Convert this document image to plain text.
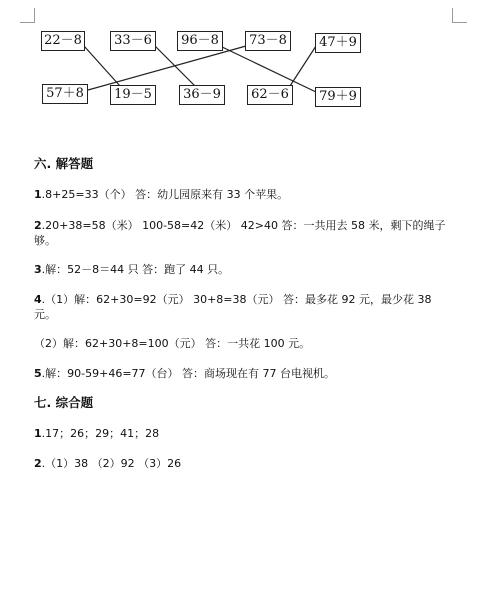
22－8	33－6	96－8	73－8	47＋9
57＋8	19－5	36－9	62－6	79＋9
六. 解答题
1.8+25=33（个） 答：幼儿园原来有 33 个苹果。
2.20+38=58（米） 100-58=42（米） 42>40 答：一共用去 58 米，剩下的绳子够。
3.解：52－8＝44 只 答：跑了 44 只。
4.（1）解：62+30=92（元） 30+8=38（元） 答：最多花 92 元，最少花 38 元。
（2）解：62+30+8=100（元） 答：一共花 100 元。
5.解：90-59+46=77（台） 答：商场现在有 77 台电视机。
七. 综合题
1.17；26；29；41；28
2.（1）38 （2）92 （3）26
